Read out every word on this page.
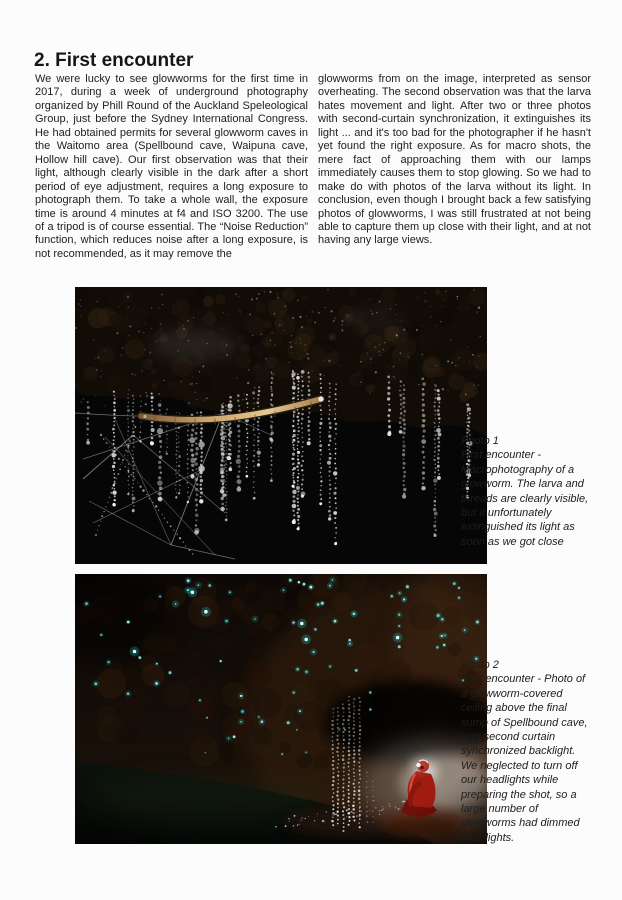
2. First encounter
We were lucky to see glowworms for the first time in 2017, during a week of underground photography organized by Phill Round of the Auckland Speleological Group, just before the Sydney International Congress. He had obtained permits for several glowworm caves in the Waitomo area (Spellbound cave, Waipuna cave, Hollow hill cave). Our first observation was that their light, although clearly visible in the dark after a short period of eye adjustment, requires a long exposure to photograph them. To take a whole wall, the exposure time is around 4 minutes at f4 and ISO 3200. The use of a tripod is of course essential. The “Noise Reduction” function, which reduces noise after a long exposure, is not recommended, as it may remove the
glowworms from on the image, interpreted as sensor overheating. The second observation was that the larva hates movement and light. After two or three photos with second-curtain synchronization, it extinguishes its light ... and it's too bad for the photographer if he hasn't yet found the right exposure. As for macro shots, the mere fact of approaching them with our lamps immediately causes them to stop glowing. So we had to make do with photos of the larva without its light. In conclusion, even though I brought back a few satisfying photos of glowworms, I was still frustrated at not being able to capture them up close with their light, and at not having any large views.
Photo 1
First encounter - Macrophotography of a glowworm. The larva and threads are clearly visible, but it unfortunately extinguished its light as soon as we got close
Photo 2
First encounter - Photo of a glowworm-covered ceiling above the final sump of Spellbound cave, with second curtain synchronized backlight. We neglected to turn off our headlights while preparing the shot, so a large number of glowworms had dimmed their lights.
